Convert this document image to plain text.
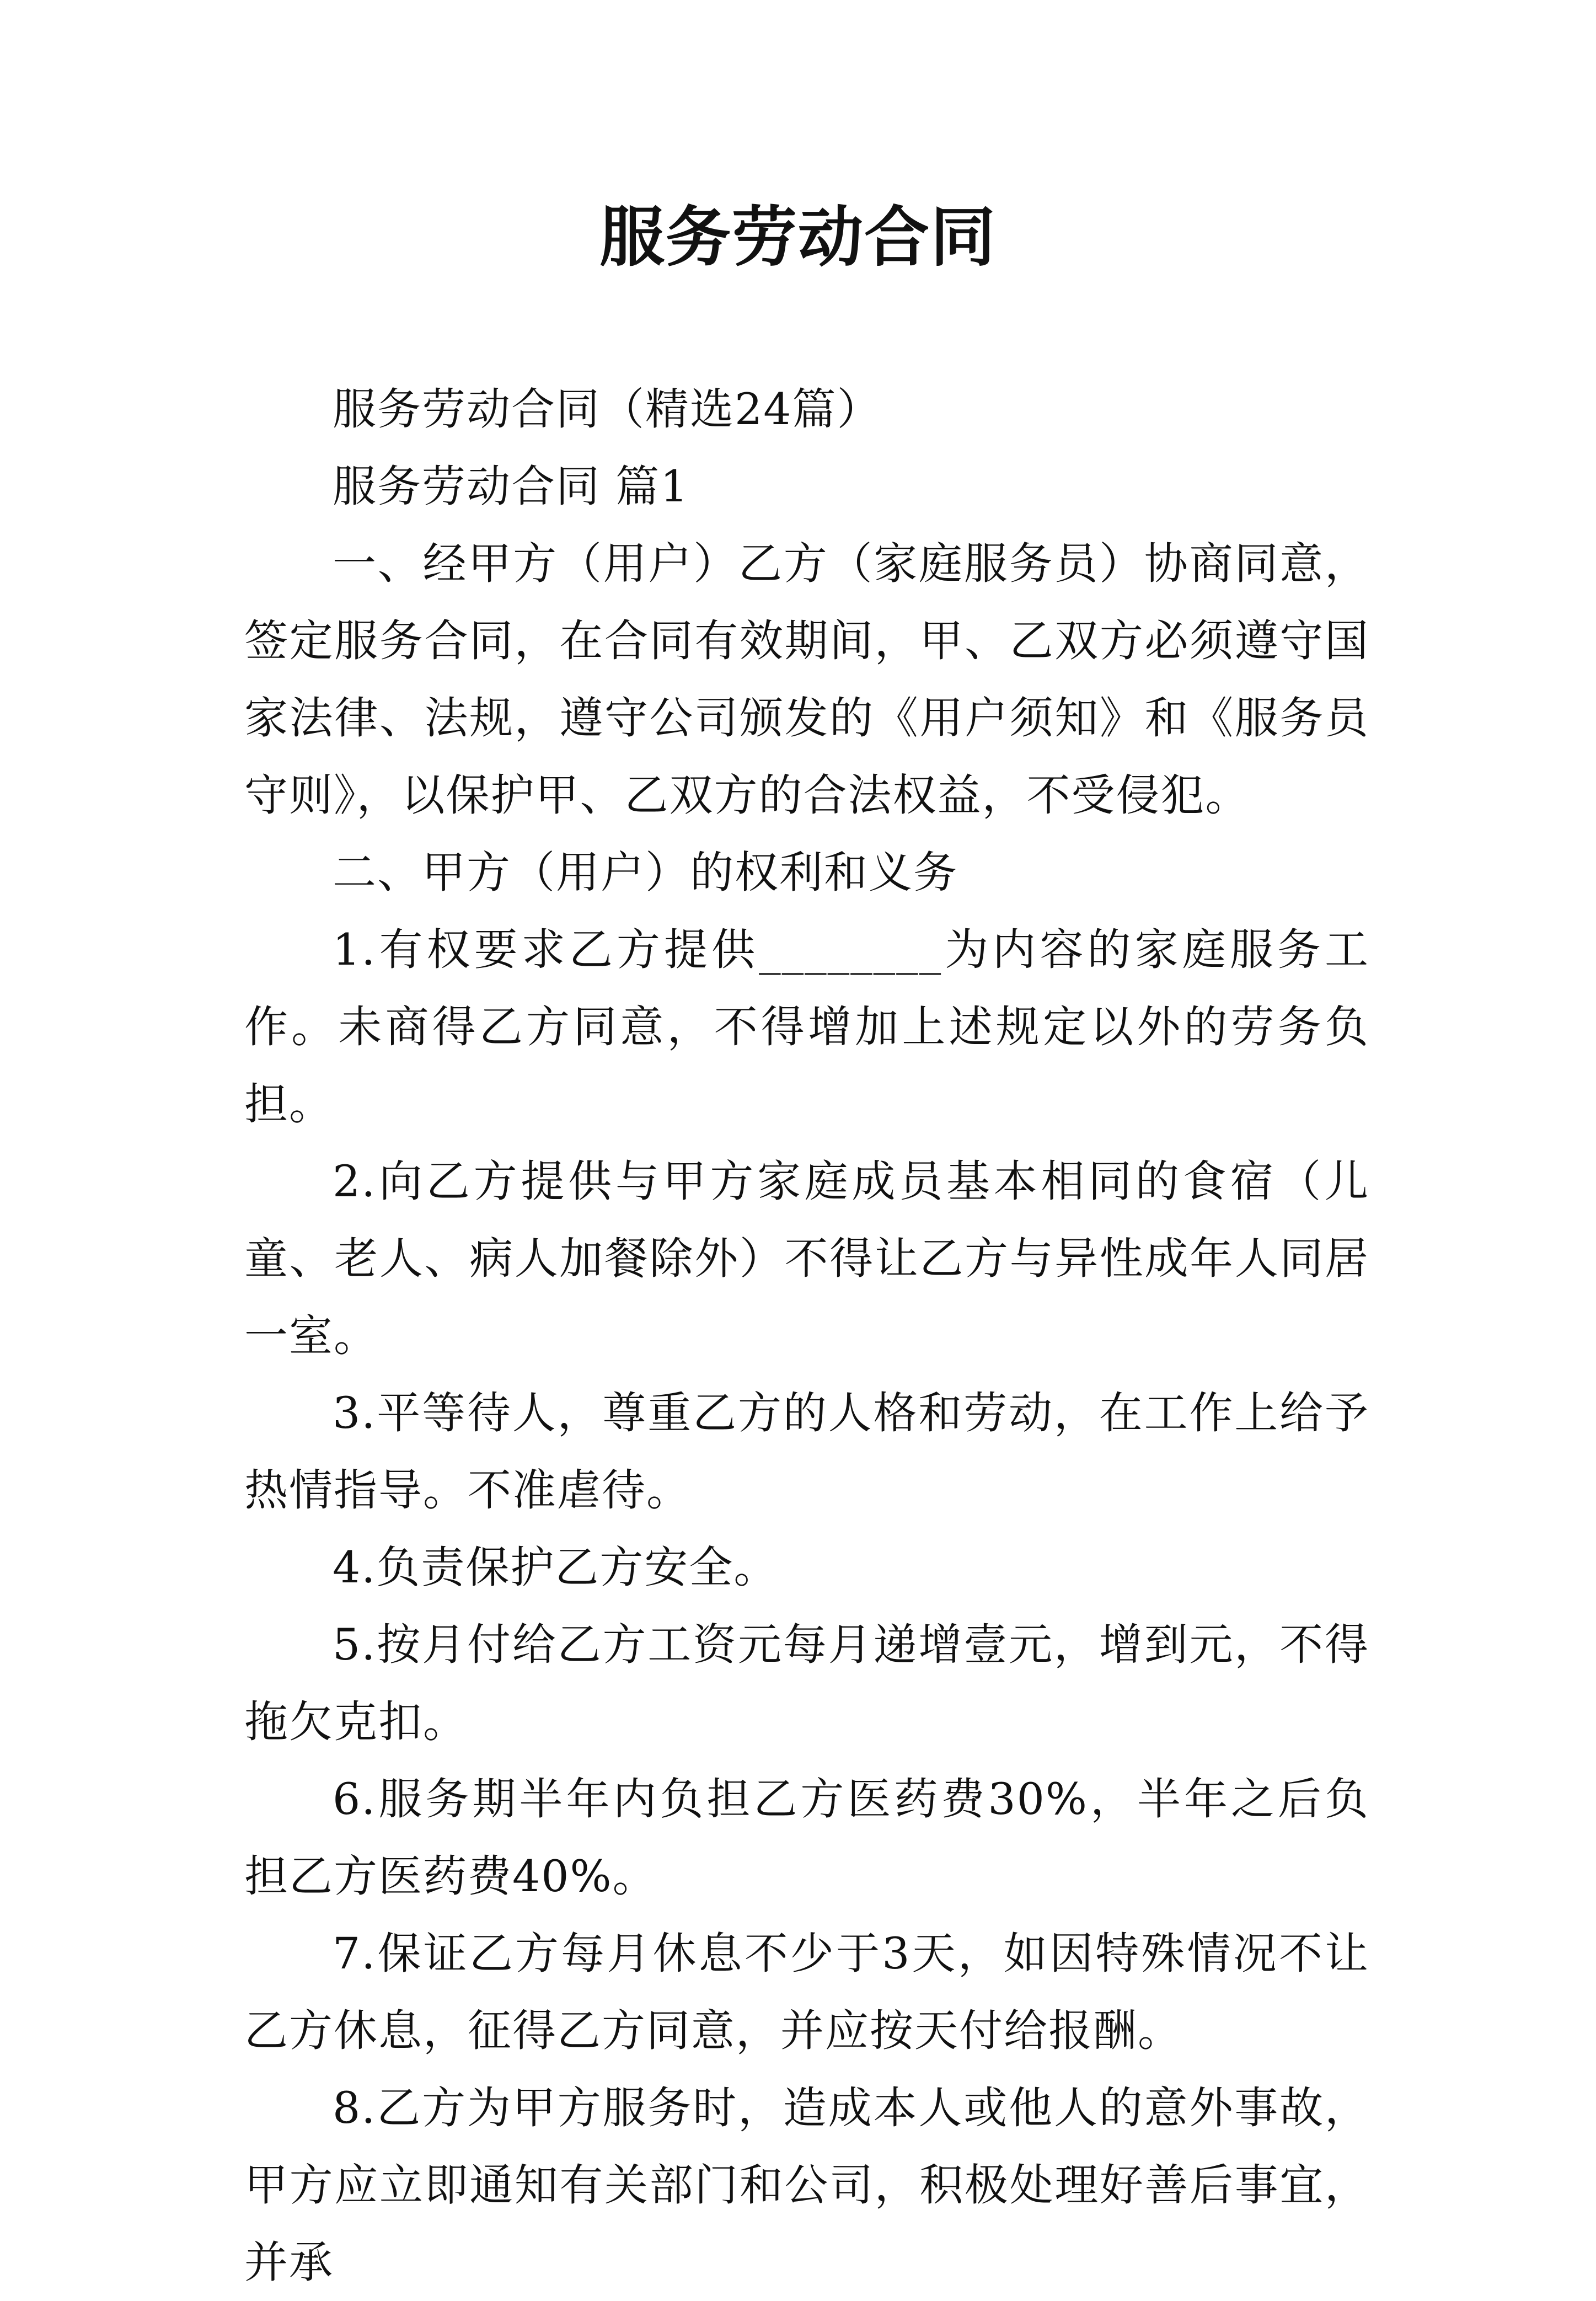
服务劳动合同

服务劳动合同（精选24篇）

服务劳动合同 篇1

一、经甲方（用户）乙方（家庭服务员）协商同意，签定服务合同，在合同有效期间，甲、乙双方必须遵守国家法律、法规，遵守公司颁发的《用户须知》和《服务员守则》，以保护甲、乙双方的合法权益，不受侵犯。

二、甲方（用户）的权利和义务

1.有权要求乙方提供________为内容的家庭服务工作。未商得乙方同意，不得增加上述规定以外的劳务负担。

2.向乙方提供与甲方家庭成员基本相同的食宿（儿童、老人、病人加餐除外）不得让乙方与异性成年人同居一室。

3.平等待人，尊重乙方的人格和劳动，在工作上给予热情指导。不准虐待。

4.负责保护乙方安全。

5.按月付给乙方工资元每月递增壹元，增到元，不得拖欠克扣。

6.服务期半年内负担乙方医药费30%，半年之后负担乙方医药费40%。

7.保证乙方每月休息不少于3天，如因特殊情况不让乙方休息，征得乙方同意，并应按天付给报酬。

8.乙方为甲方服务时，造成本人或他人的意外事故，甲方应立即通知有关部门和公司，积极处理好善后事宜，并承
